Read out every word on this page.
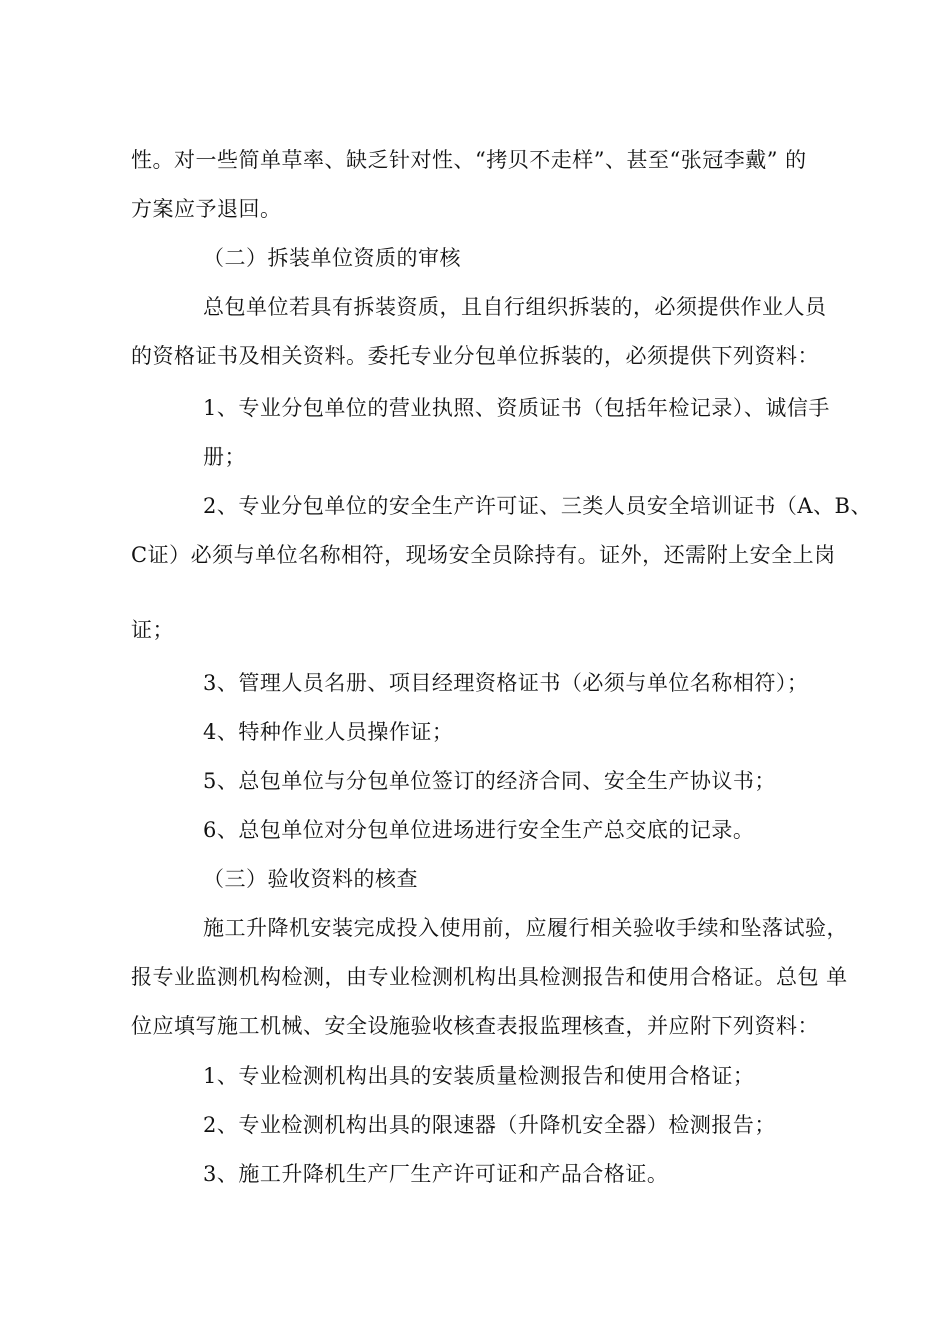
性。对一些简单草率、缺乏针对性、“拷贝不走样”、甚至“张冠李戴” 的
方案应予退回。
（二）拆装单位资质的审核
总包单位若具有拆装资质，且自行组织拆装的，必须提供作业人员
的资格证书及相关资料。委托专业分包单位拆装的，必须提供下列资料：
1、专业分包单位的营业执照、资质证书（包括年检记录）、诚信手
册；
2、专业分包单位的安全生产许可证、三类人员安全培训证书（A、B、
C证）必须与单位名称相符，现场安全员除持有。证外，还需附上安全上岗
证；
3、管理人员名册、项目经理资格证书（必须与单位名称相符）；
4、特种作业人员操作证；
5、总包单位与分包单位签订的经济合同、安全生产协议书；
6、总包单位对分包单位进场进行安全生产总交底的记录。
（三）验收资料的核查
施工升降机安装完成投入使用前，应履行相关验收手续和坠落试验，
报专业监测机构检测，由专业检测机构出具检测报告和使用合格证。总包 单
位应填写施工机械、安全设施验收核查表报监理核查，并应附下列资料：
1、专业检测机构出具的安装质量检测报告和使用合格证；
2、专业检测机构出具的限速器（升降机安全器）检测报告；
3、施工升降机生产厂生产许可证和产品合格证。
